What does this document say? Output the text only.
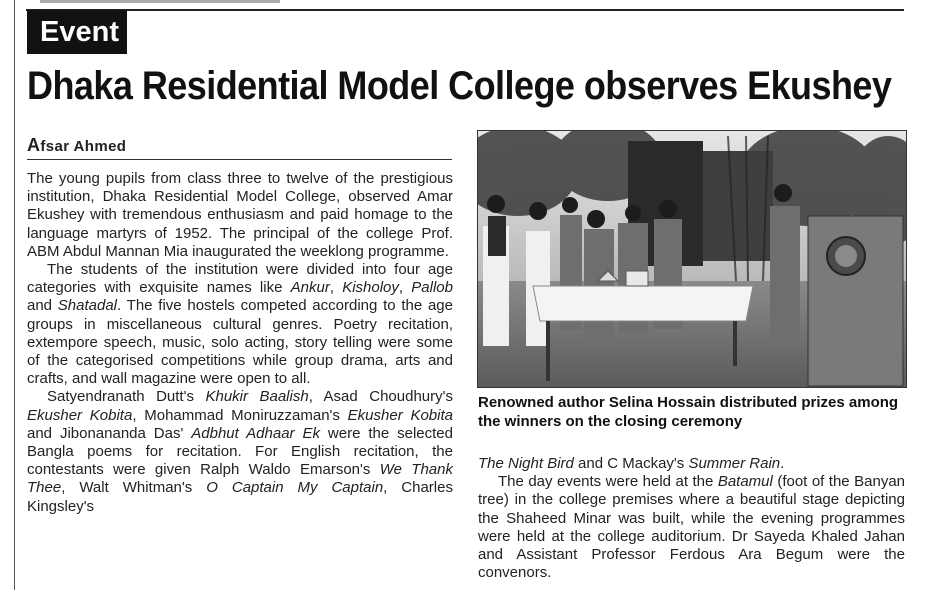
Event
Dhaka Residential Model College observes Ekushey
Afsar Ahmed

The young pupils from class three to twelve of the prestigious institution, Dhaka Residential Model College, observed Amar Ekushey with tremendous enthusiasm and paid homage to the language martyrs of 1952. The principal of the college Prof. ABM Abdul Mannan Mia inaugurated the weeklong programme.

The students of the institution were divided into four age categories with exquisite names like Ankur, Kisholoy, Pallob and Shatadal. The five hostels competed according to the age groups in miscellaneous cultural genres. Poetry recitation, extempore speech, music, solo acting, story telling were some of the categorised competitions while group drama, arts and crafts, and wall magazine were open to all.

Satyendranath Dutt's Khukir Baalish, Asad Choudhury's Ekusher Kobita, Mohammad Moniruzzaman's Ekusher Kobita and Jibonananda Das' Adbhut Adhaar Ek were the selected Bangla poems for recitation. For English recitation, the contestants were given Ralph Waldo Emarson's We Thank Thee, Walt Whitman's O Captain My Captain, Charles Kingsley's

Renowned author Selina Hossain distributed prizes among the winners on the closing ceremony

The Night Bird and C Mackay's Summer Rain.

The day events were held at the Batamul (foot of the Banyan tree) in the college premises where a beautiful stage depicting the Shaheed Minar was built, while the evening programmes were held at the college auditorium. Dr Sayeda Khaled Jahan and Assistant Professor Ferdous Ara Begum were the convenors.
